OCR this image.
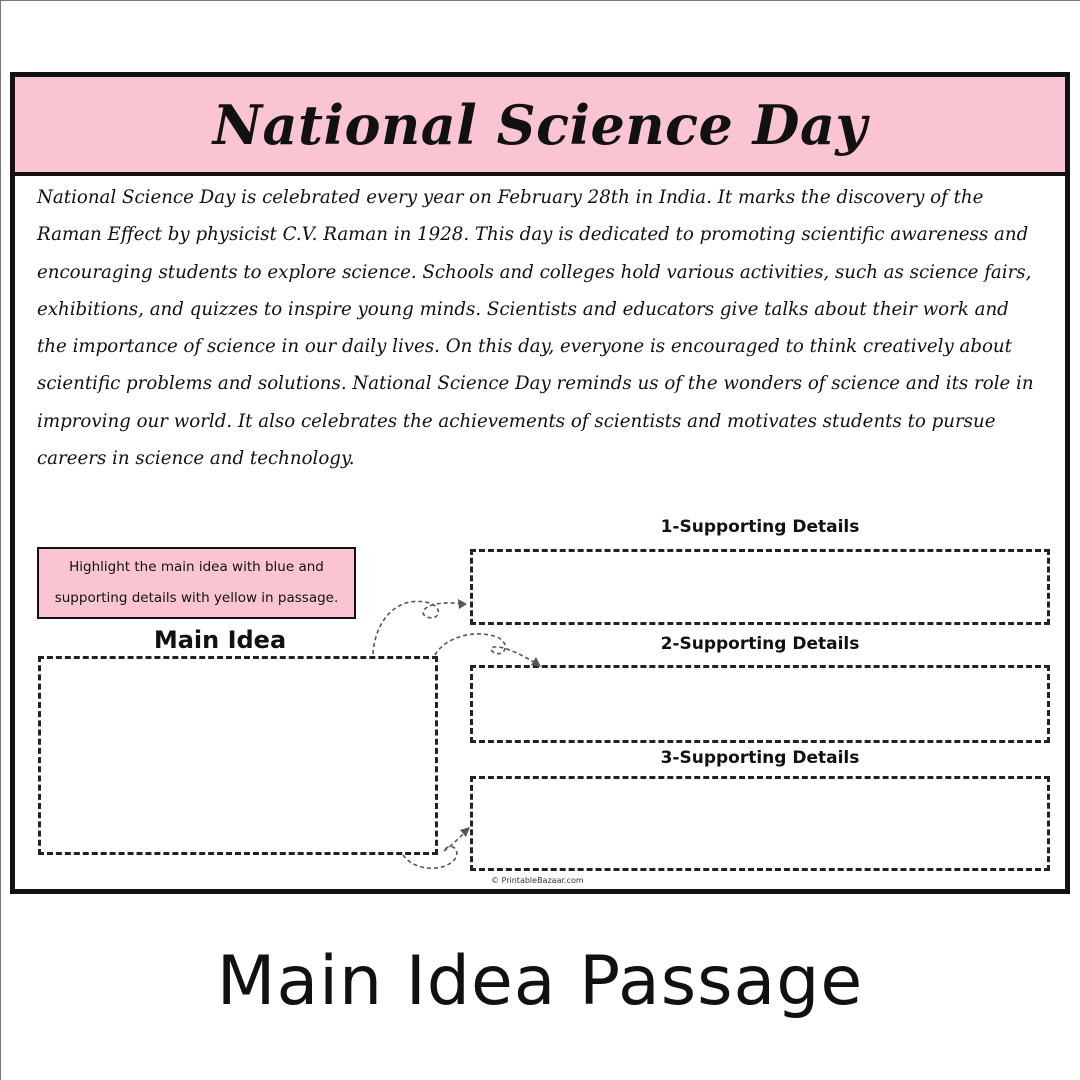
National Science Day

National Science Day is celebrated every year on February 28th in India. It marks the discovery of the Raman Effect by physicist C.V. Raman in 1928. This day is dedicated to promoting scientific awareness and encouraging students to explore science. Schools and colleges hold various activities, such as science fairs, exhibitions, and quizzes to inspire young minds. Scientists and educators give talks about their work and the importance of science in our daily lives. On this day, everyone is encouraged to think creatively about scientific problems and solutions. National Science Day reminds us of the wonders of science and its role in improving our world. It also celebrates the achievements of scientists and motivates students to pursue careers in science and technology.

Highlight the main idea with blue and
supporting details with yellow in passage.
Main Idea
1-Supporting Details
2-Supporting Details
3-Supporting Details
© PrintableBazaar.com
Main Idea Passage
